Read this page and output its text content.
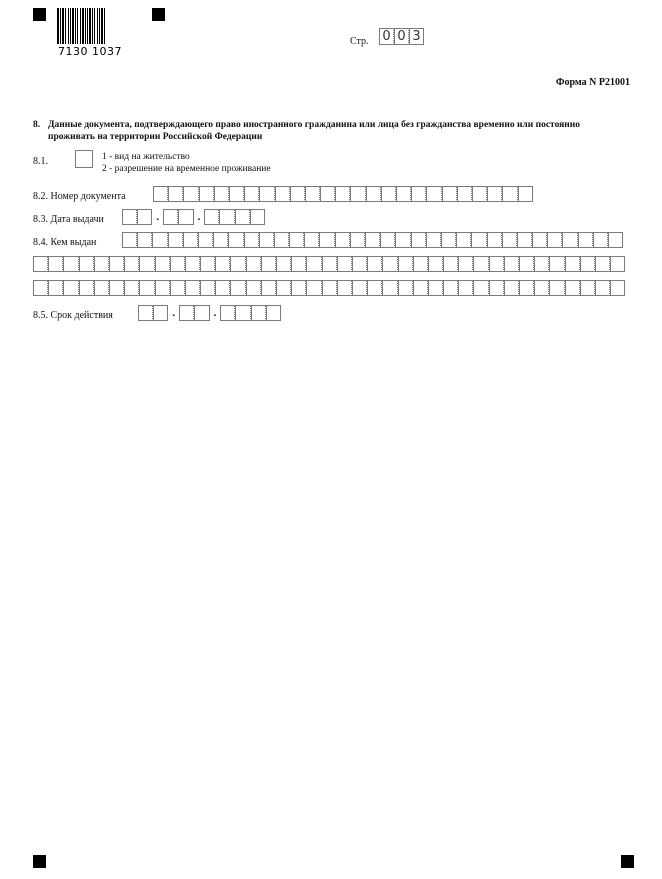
7130 1037
Стр. 0 0 3
Форма N Р21001
8. Данные документа, подтверждающего право иностранного гражданина или лица без гражданства временно или постоянно проживать на территории Российской Федерации
8.1.	1 - вид на жительство
2 - разрешение на временное проживание
8.2. Номер документа
8.3. Дата выдачи	.	.
8.4. Кем выдан
8.5. Срок действия	.	.
